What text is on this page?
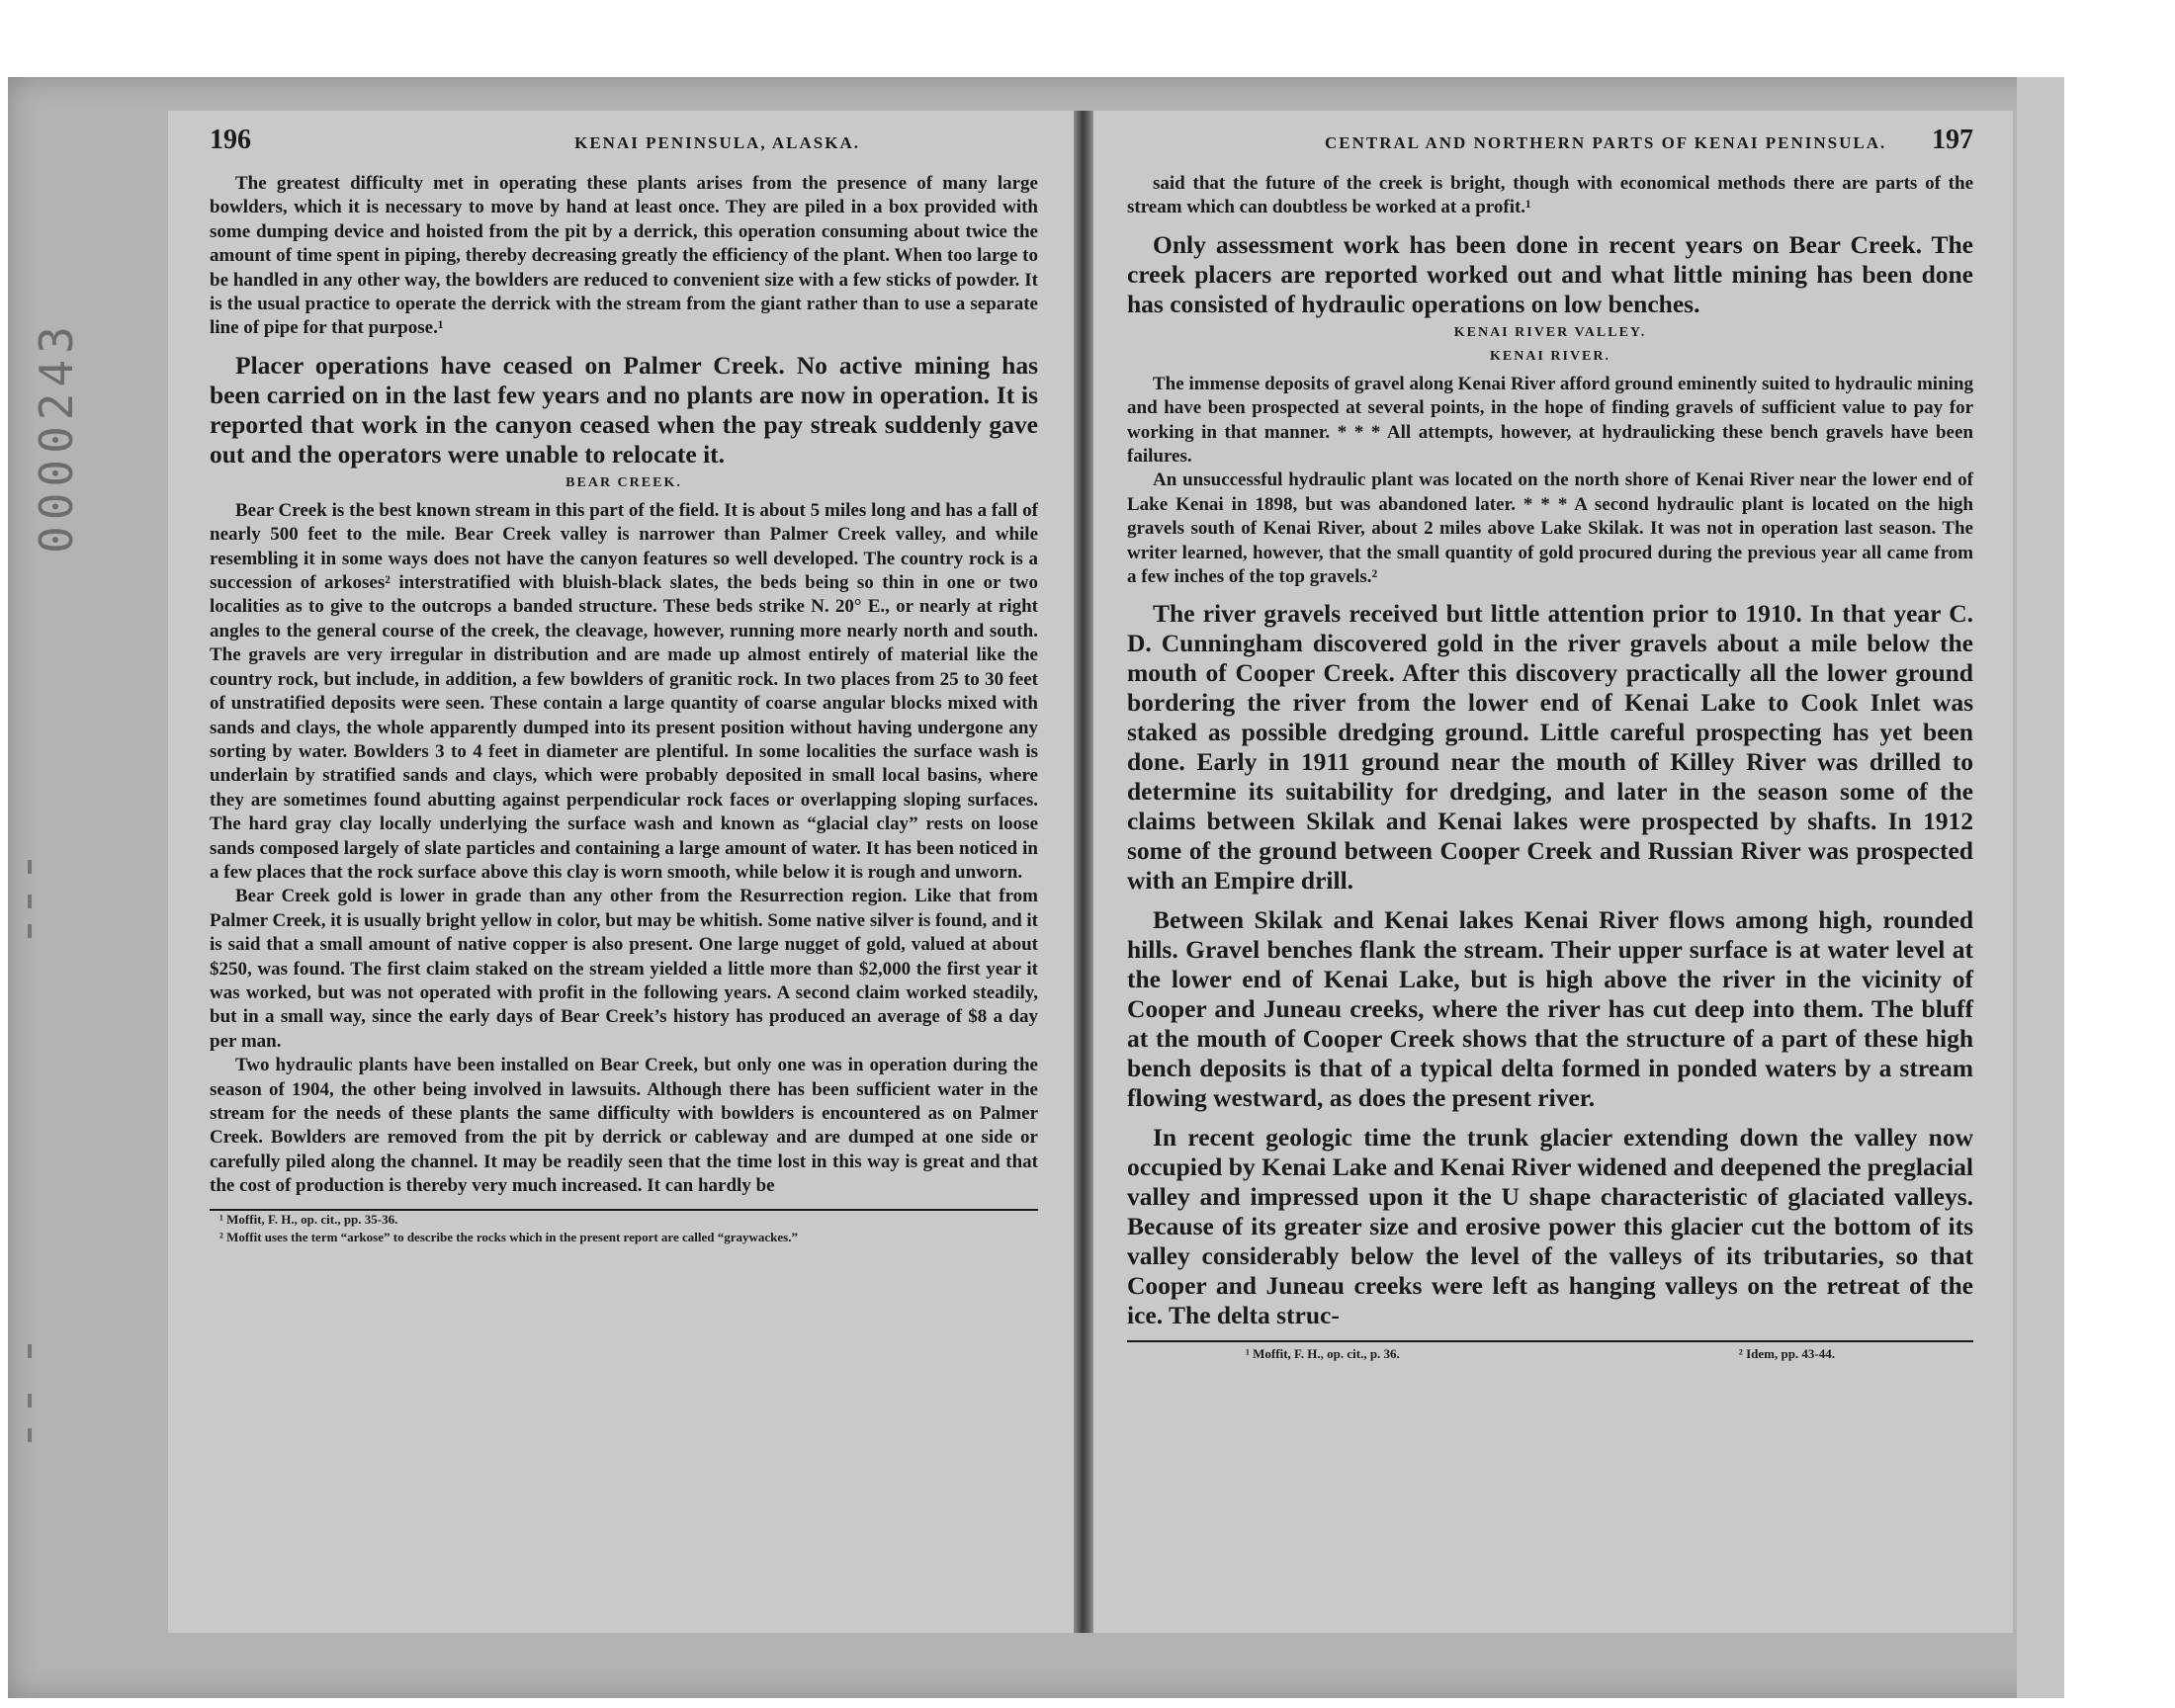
0000243
196	KENAI PENINSULA, ALASKA.

The greatest difficulty met in operating these plants arises from the presence of many large bowlders, which it is necessary to move by hand at least once. They are piled in a box provided with some dumping device and hoisted from the pit by a derrick, this operation consuming about twice the amount of time spent in piping, thereby decreasing greatly the efficiency of the plant. When too large to be handled in any other way, the bowlders are reduced to convenient size with a few sticks of powder. It is the usual practice to operate the derrick with the stream from the giant rather than to use a separate line of pipe for that purpose.¹

Placer operations have ceased on Palmer Creek. No active mining has been carried on in the last few years and no plants are now in operation. It is reported that work in the canyon ceased when the pay streak suddenly gave out and the operators were unable to relocate it.

BEAR CREEK.

Bear Creek is the best known stream in this part of the field. It is about 5 miles long and has a fall of nearly 500 feet to the mile. Bear Creek valley is narrower than Palmer Creek valley, and while resembling it in some ways does not have the canyon features so well developed. The country rock is a succession of arkoses² interstratified with bluish-black slates, the beds being so thin in one or two localities as to give to the outcrops a banded structure. These beds strike N. 20° E., or nearly at right angles to the general course of the creek, the cleavage, however, running more nearly north and south. The gravels are very irregular in distribution and are made up almost entirely of material like the country rock, but include, in addition, a few bowlders of granitic rock. In two places from 25 to 30 feet of unstratified deposits were seen. These contain a large quantity of coarse angular blocks mixed with sands and clays, the whole apparently dumped into its present position without having undergone any sorting by water. Bowlders 3 to 4 feet in diameter are plentiful. In some localities the surface wash is underlain by stratified sands and clays, which were probably deposited in small local basins, where they are sometimes found abutting against perpendicular rock faces or overlapping sloping surfaces. The hard gray clay locally underlying the surface wash and known as “glacial clay” rests on loose sands composed largely of slate particles and containing a large amount of water. It has been noticed in a few places that the rock surface above this clay is worn smooth, while below it is rough and unworn.

Bear Creek gold is lower in grade than any other from the Resurrection region. Like that from Palmer Creek, it is usually bright yellow in color, but may be whitish. Some native silver is found, and it is said that a small amount of native copper is also present. One large nugget of gold, valued at about $250, was found. The first claim staked on the stream yielded a little more than $2,000 the first year it was worked, but was not operated with profit in the following years. A second claim worked steadily, but in a small way, since the early days of Bear Creek’s history has produced an average of $8 a day per man.

Two hydraulic plants have been installed on Bear Creek, but only one was in operation during the season of 1904, the other being involved in lawsuits. Although there has been sufficient water in the stream for the needs of these plants the same difficulty with bowlders is encountered as on Palmer Creek. Bowlders are removed from the pit by derrick or cableway and are dumped at one side or carefully piled along the channel. It may be readily seen that the time lost in this way is great and that the cost of production is thereby very much increased. It can hardly be

¹ Moffit, F. H., op. cit., pp. 35-36.
² Moffit uses the term “arkose” to describe the rocks which in the present report are called “graywackes.”
CENTRAL AND NORTHERN PARTS OF KENAI PENINSULA. 197

said that the future of the creek is bright, though with economical methods there are parts of the stream which can doubtless be worked at a profit.¹

Only assessment work has been done in recent years on Bear Creek. The creek placers are reported worked out and what little mining has been done has consisted of hydraulic operations on low benches.

KENAI RIVER VALLEY.
KENAI RIVER.

The immense deposits of gravel along Kenai River afford ground eminently suited to hydraulic mining and have been prospected at several points, in the hope of finding gravels of sufficient value to pay for working in that manner. * * * All attempts, however, at hydraulicking these bench gravels have been failures.

An unsuccessful hydraulic plant was located on the north shore of Kenai River near the lower end of Lake Kenai in 1898, but was abandoned later. * * * A second hydraulic plant is located on the high gravels south of Kenai River, about 2 miles above Lake Skilak. It was not in operation last season. The writer learned, however, that the small quantity of gold procured during the previous year all came from a few inches of the top gravels.²

The river gravels received but little attention prior to 1910. In that year C. D. Cunningham discovered gold in the river gravels about a mile below the mouth of Cooper Creek. After this discovery practically all the lower ground bordering the river from the lower end of Kenai Lake to Cook Inlet was staked as possible dredging ground. Little careful prospecting has yet been done. Early in 1911 ground near the mouth of Killey River was drilled to determine its suitability for dredging, and later in the season some of the claims between Skilak and Kenai lakes were prospected by shafts. In 1912 some of the ground between Cooper Creek and Russian River was prospected with an Empire drill.

Between Skilak and Kenai lakes Kenai River flows among high, rounded hills. Gravel benches flank the stream. Their upper surface is at water level at the lower end of Kenai Lake, but is high above the river in the vicinity of Cooper and Juneau creeks, where the river has cut deep into them. The bluff at the mouth of Cooper Creek shows that the structure of a part of these high bench deposits is that of a typical delta formed in ponded waters by a stream flowing westward, as does the present river.

In recent geologic time the trunk glacier extending down the valley now occupied by Kenai Lake and Kenai River widened and deepened the preglacial valley and impressed upon it the U shape characteristic of glaciated valleys. Because of its greater size and erosive power this glacier cut the bottom of its valley considerably below the level of the valleys of its tributaries, so that Cooper and Juneau creeks were left as hanging valleys on the retreat of the ice. The delta struc-

¹ Moffit, F. H., op. cit., p. 36.	² Idem, pp. 43-44.
